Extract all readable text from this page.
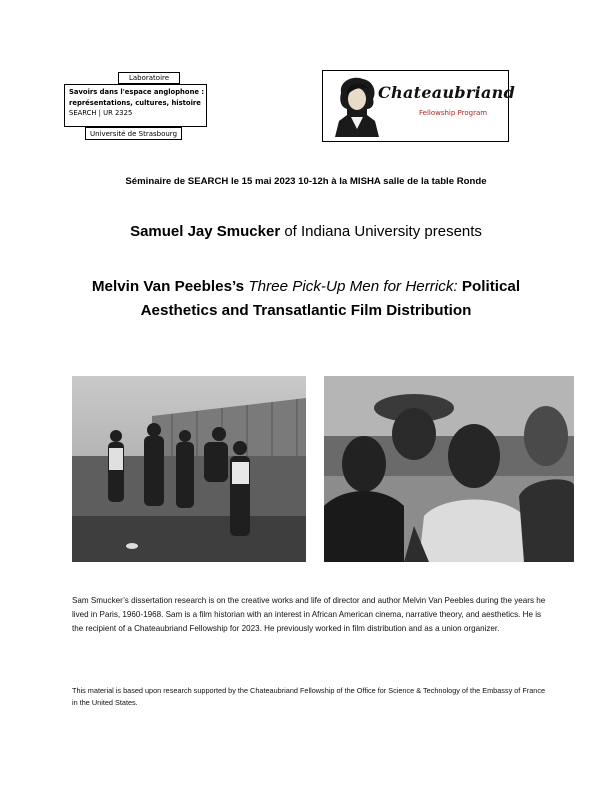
Laboratoire
Savoirs dans l'espace anglophone :
représentations, cultures, histoire
SEARCH | UR 2325
Université de Strasbourg
Chateaubriand
Fellowship Program
Séminaire de SEARCH le 15 mai 2023 10-12h à la MISHA salle de la table Ronde
Samuel Jay Smucker of Indiana University presents
Melvin Van Peebles’s Three Pick-Up Men for Herrick: Political Aesthetics and Transatlantic Film Distribution
Sam Smucker’s dissertation research is on the creative works and life of director and author Melvin Van Peebles during the years he lived in Paris, 1960-1968. Sam is a film historian with an interest in African American cinema, narrative theory, and aesthetics. He is the recipient of a Chateaubriand Fellowship for 2023. He previously worked in film distribution and as a union organizer.
This material is based upon research supported by the Chateaubriand Fellowship of the Office for Science & Technology of the Embassy of France in the United States.
